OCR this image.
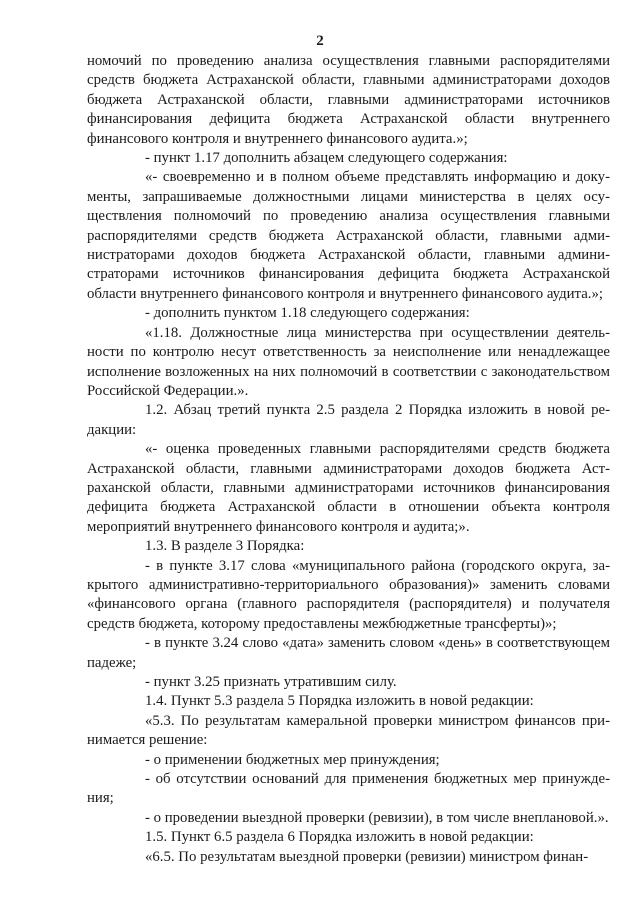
2

номочий по проведению анализа осуществления главными распорядителями средств бюджета Астраханской области, главными администраторами доходов бюджета Астраханской области, главными администраторами источников финансирования дефицита бюджета Астраханской области внутреннего финансового контроля и внутреннего финансового аудита.»;

- пункт 1.17 дополнить абзацем следующего содержания:

«- своевременно и в полном объеме представлять информацию и документы, запрашиваемые должностными лицами министерства в целях осуществления полномочий по проведению анализа осуществления главными распорядителями средств бюджета Астраханской области, главными администраторами доходов бюджета Астраханской области, главными администраторами источников финансирования дефицита бюджета Астраханской области внутреннего финансового контроля и внутреннего финансового аудита.»;

- дополнить пунктом 1.18 следующего содержания:

«1.18. Должностные лица министерства при осуществлении деятельности по контролю несут ответственность за неисполнение или ненадлежащее исполнение возложенных на них полномочий в соответствии с законодательством Российской Федерации.».

1.2. Абзац третий пункта 2.5 раздела 2 Порядка изложить в новой редакции:

«- оценка проведенных главными распорядителями средств бюджета Астраханской области, главными администраторами доходов бюджета Астраханской области, главными администраторами источников финансирования дефицита бюджета Астраханской области в отношении объекта контроля мероприятий внутреннего финансового контроля и аудита;».

1.3. В разделе 3 Порядка:

- в пункте 3.17 слова «муниципального района (городского округа, закрытого административно-территориального образования)» заменить словами «финансового органа (главного распорядителя (распорядителя) и получателя средств бюджета, которому предоставлены межбюджетные трансферты)»;

- в пункте 3.24 слово «дата» заменить словом «день» в соответствующем падеже;

- пункт 3.25 признать утратившим силу.

1.4. Пункт 5.3 раздела 5 Порядка изложить в новой редакции:

«5.3. По результатам камеральной проверки министром финансов принимается решение:

- о применении бюджетных мер принуждения;

- об отсутствии оснований для применения бюджетных мер принуждения;

- о проведении выездной проверки (ревизии), в том числе внеплановой.».

1.5. Пункт 6.5 раздела 6 Порядка изложить в новой редакции:

«6.5. По результатам выездной проверки (ревизии) министром финан-
